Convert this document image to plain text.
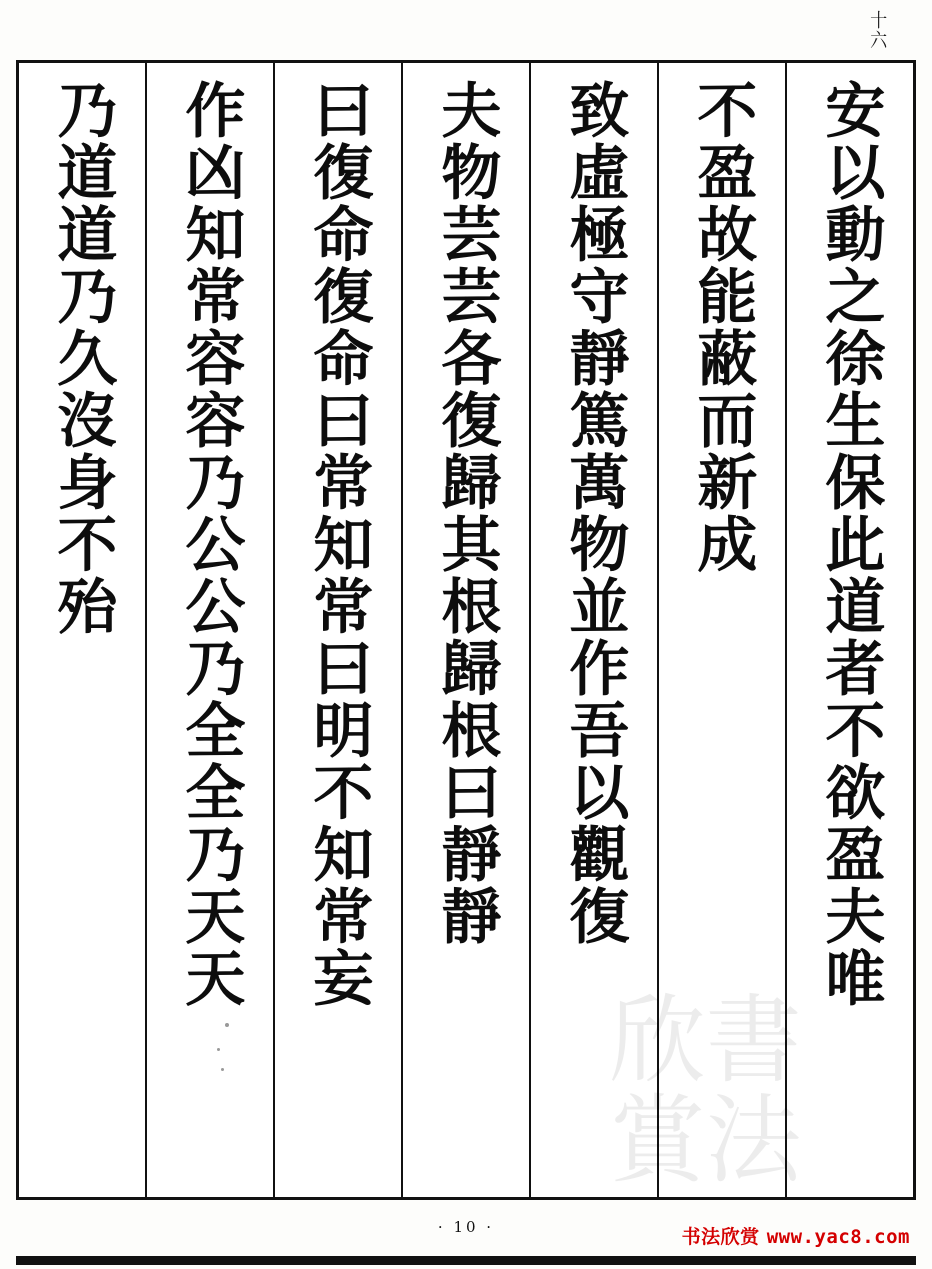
十六
安以動之徐生保此道者不欲盈夫唯
不盈故能蔽而新成
致虛極守靜篤萬物並作吾以觀復
夫物芸芸各復歸其根歸根曰靜靜
曰復命復命曰常知常曰明不知常妄
作凶知常容容乃公公乃全全乃天天
乃道道乃久沒身不殆
· 10 ·	书法欣赏 www.yac8.com
